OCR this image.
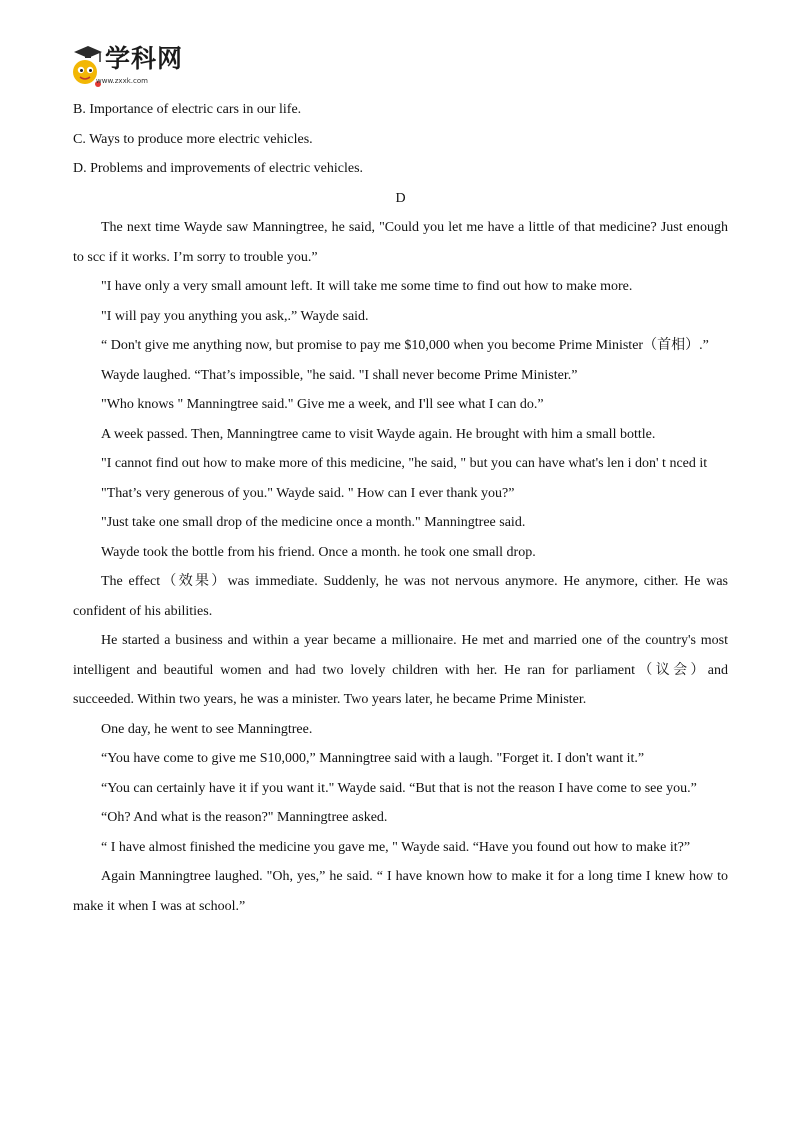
学科网
www.zxxk.com

B. Importance of electric cars in our life.

C. Ways to produce more electric vehicles.

D. Problems and improvements of electric vehicles.

D

The next time Wayde saw Manningtree, he said, "Could you let me have a little of that medicine? Just enough to scc if it works. I’m sorry to trouble you.”

"I have only a very small amount left. It will take me some time to find out how to make more.

"I will pay you anything you ask,.” Wayde said.

“ Don't give me anything now, but promise to pay me $10,000 when you become Prime Minister（首相）.”

Wayde laughed. “That’s impossible, "he said. "I shall never become Prime Minister.”

"Who knows " Manningtree said." Give me a week, and I'll see what I can do.”

A week passed. Then, Manningtree came to visit Wayde again. He brought with him a small bottle.

"I cannot find out how to make more of this medicine, "he said, " but you can have what's len i don' t nced it

"That’s very generous of you." Wayde said. " How can I ever thank you?”

"Just take one small drop of the medicine once a month." Manningtree said.

Wayde took the bottle from his friend. Once a month. he took one small drop.

The effect（效果）was immediate. Suddenly, he was not nervous anymore. He anymore, cither. He was confident of his abilities.

He started a business and within a year became a millionaire. He met and married one of the country's most intelligent and beautiful women and had two lovely children with her. He ran for parliament（议会）and succeeded. Within two years, he was a minister. Two years later, he became Prime Minister.

One day, he went to see Manningtree.

“You have come to give me S10,000,” Manningtree said with a laugh. "Forget it. I don't want it.”

“You can certainly have it if you want it." Wayde said. “But that is not the reason I have come to see you.”

“Oh? And what is the reason?" Manningtree asked.

“ I have almost finished the medicine you gave me, " Wayde said. “Have you found out how to make it?”

Again Manningtree laughed. "Oh, yes,” he said. “ I have known how to make it for a long time I knew how to make it when I was at school.”
